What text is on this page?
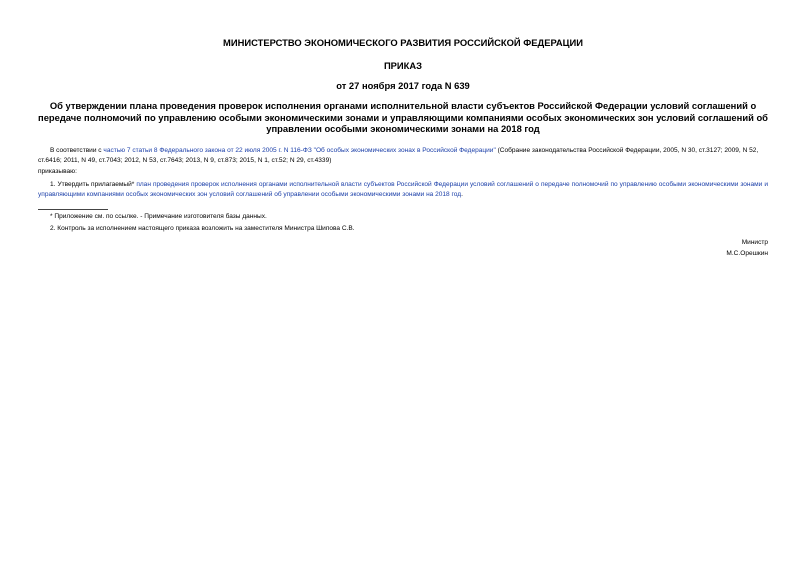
МИНИСТЕРСТВО ЭКОНОМИЧЕСКОГО РАЗВИТИЯ РОССИЙСКОЙ ФЕДЕРАЦИИ
ПРИКАЗ
от 27 ноября 2017 года N 639
Об утверждении плана проведения проверок исполнения органами исполнительной власти субъектов Российской Федерации условий соглашений о передаче полномочий по управлению особыми экономическими зонами и управляющими компаниями особых экономических зон условий соглашений об управлении особыми экономическими зонами на 2018 год

В соответствии с частью 7 статьи 8 Федерального закона от 22 июля 2005 г. N 116-ФЗ "Об особых экономических зонах в Российской Федерации" (Собрание законодательства Российской Федерации, 2005, N 30, ст.3127; 2009, N 52, ст.6416; 2011, N 49, ст.7043; 2012, N 53, ст.7643; 2013, N 9, ст.873; 2015, N 1, ст.52; N 29, ст.4339)

приказываю:

1. Утвердить прилагаемый* план проведения проверок исполнения органами исполнительной власти субъектов Российской Федерации условий соглашений о передаче полномочий по управлению особыми экономическими зонами и управляющими компаниями особых экономических зон условий соглашений об управлении особыми экономическими зонами на 2018 год.

* Приложение см. по ссылке. - Примечание изготовителя базы данных.

2. Контроль за исполнением настоящего приказа возложить на заместителя Министра Шипова С.В.

Министр
М.С.Орешкин
